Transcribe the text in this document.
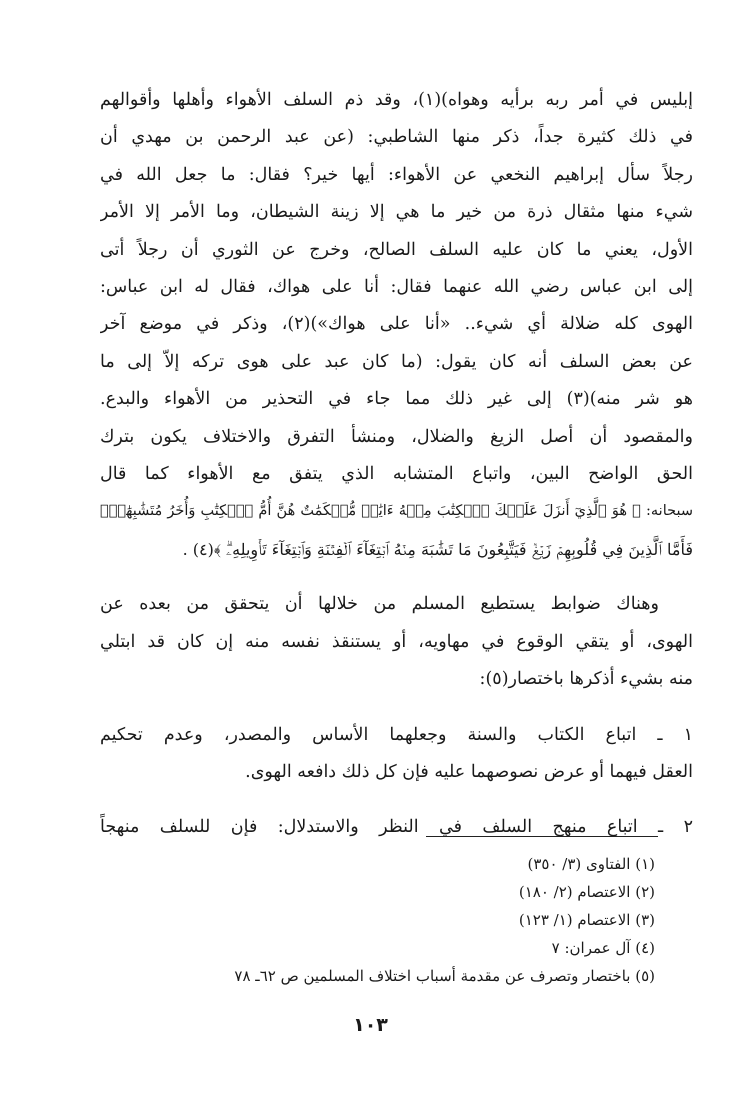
إبليس في أمر ربه برأيه وهواه)(١)، وقد ذم السلف الأهواء وأهلها وأقوالهم
في ذلك كثيرة جداً، ذكر منها الشاطبي: (عن عبد الرحمن بن مهدي أن
رجلاً سأل إبراهيم النخعي عن الأهواء: أيها خير؟ فقال: ما جعل الله في
شيء منها مثقال ذرة من خير ما هي إلا زينة الشيطان، وما الأمر إلا الأمر
الأول، يعني ما كان عليه السلف الصالح، وخرج عن الثوري أن رجلاً أتى
إلى ابن عباس رضي الله عنهما فقال: أنا على هواك، فقال له ابن عباس:
الهوى كله ضلالة أي شيء.. «أنا على هواك»)(٢)، وذكر في موضع آخر
عن بعض السلف أنه كان يقول: (ما كان عبد على هوى تركه إلاّ إلى ما
هو شر منه)(٣) إلى غير ذلك مما جاء في التحذير من الأهواء والبدع.
والمقصود أن أصل الزيغ والضلال، ومنشأ التفرق والاختلاف يكون بترك
الحق الواضح البين، واتباع المتشابه الذي يتفق مع الأهواء كما قال
سبحانه: ﴿ هُوَ ٱلَّذِيٓ أَنزَلَ عَلَيۡكَ ٱلۡكِتَٰبَ مِنۡهُ ءَايَٰتٞ مُّحۡكَمَٰتٌ هُنَّ أُمُّ ٱلۡكِتَٰبِ وَأُخَرُ مُتَشَٰبِهَٰتٞۖ
فَأَمَّا ٱلَّذِينَ فِي قُلُوبِهِمۡ زَيۡغٞ فَيَتَّبِعُونَ مَا تَشَٰبَهَ مِنۡهُ ٱبۡتِغَآءَ ٱلۡفِتۡنَةِ وَٱبۡتِغَآءَ تَأۡوِيلِهِۦۗ ﴾(٤) .
وهناك ضوابط يستطيع المسلم من خلالها أن يتحقق من بعده عن
الهوى، أو يتقي الوقوع في مهاويه، أو يستنقذ نفسه منه إن كان قد ابتلي
منه بشيء أذكرها باختصار(٥):
١ ـ اتباع الكتاب والسنة وجعلهما الأساس والمصدر، وعدم تحكيم
العقل فيهما أو عرض نصوصهما عليه فإن كل ذلك دافعه الهوى.
٢ ـ اتباع منهج السلف في النظر والاستدلال: فإن للسلف منهجاً
(١) الفتاوى (٣/ ٣٥٠)
(٢) الاعتصام (٢/ ١٨٠)
(٣) الاعتصام (١/ ١٢٣)
(٤) آل عمران: ٧
(٥) باختصار وتصرف عن مقدمة أسباب اختلاف المسلمين ص ٦٢ـ ٧٨
١٠٣
